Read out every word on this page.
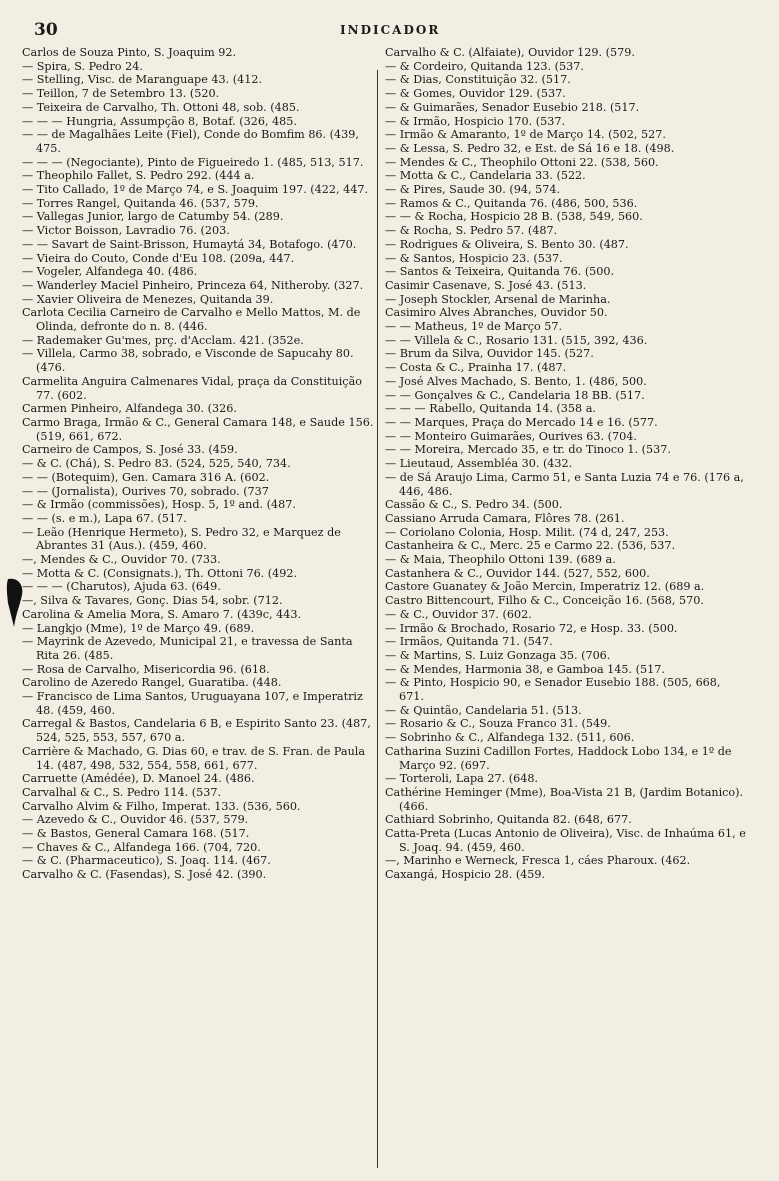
30	INDICADOR

Carlos de Souza Pinto, S. Joaquim 92.

— Spira, S. Pedro 24.

— Stelling, Visc. de Maranguape 43. (412.

— Teillon, 7 de Setembro 13. (520.

— Teixeira de Carvalho, Th. Ottoni 48, sob. (485.

— — — Hungria, Assumpção 8, Botaf. (326, 485.

— — de Magalhães Leite (Fiel), Conde do Bomfim 86. (439, 475.

— — — (Negociante), Pinto de Figueiredo 1. (485, 513, 517.

— Theophilo Fallet, S. Pedro 292. (444 a.

— Tito Callado, 1º de Março 74, e S. Joaquim 197. (422, 447.

— Torres Rangel, Quitanda 46. (537, 579.

— Vallegas Junior, largo de Catumby 54. (289.

— Victor Boisson, Lavradio 76. (203.

— — Savart de Saint-Brisson, Humaytá 34, Botafogo. (470.

— Vieira do Couto, Conde d'Eu 108. (209a, 447.

— Vogeler, Alfandega 40. (486.

— Wanderley Maciel Pinheiro, Princeza 64, Nitheroby. (327.

— Xavier Oliveira de Menezes, Quitanda 39.

Carlota Cecilia Carneiro de Carvalho e Mello Mattos, M. de Olinda, defronte do n. 8. (446.

— Rademaker Gu'mes, prç. d'Acclam. 421. (352e.

— Villela, Carmo 38, sobrado, e Visconde de Sapucahy 80. (476.

Carmelita Anguira Calmenares Vidal, praça da Constituição 77. (602.

Carmen Pinheiro, Alfandega 30. (326.

Carmo Braga, Irmão & C., General Camara 148, e Saude 156. (519, 661, 672.

Carneiro de Campos, S. José 33. (459.

— & C. (Chá), S. Pedro 83. (524, 525, 540, 734.

— — (Botequim), Gen. Camara 316 A. (602.

— — (Jornalista), Ourives 70, sobrado. (737

— & Irmão (commissões), Hosp. 5, 1º and. (487.

— — (s. e m.), Lapa 67. (517.

— Leão (Henrique Hermeto), S. Pedro 32, e Marquez de Abrantes 31 (Aus.). (459, 460.

—, Mendes & C., Ouvidor 70. (733.

— Motta & C. (Consignats.), Th. Ottoni 76. (492.

— — — (Charutos), Ajuda 63. (649.

—, Silva & Tavares, Gonç. Dias 54, sobr. (712.

Carolina & Amelia Mora, S. Amaro 7. (439c, 443.

— Langkjo (Mme), 1º de Março 49. (689.

— Mayrink de Azevedo, Municipal 21, e travessa de Santa Rita 26. (485.

— Rosa de Carvalho, Misericordia 96. (618.

Carolino de Azeredo Rangel, Guaratiba. (448.

— Francisco de Lima Santos, Uruguayana 107, e Imperatriz 48. (459, 460.

Carregal & Bastos, Candelaria 6 B, e Espirito Santo 23. (487, 524, 525, 553, 557, 670 a.

Carrière & Machado, G. Dias 60, e trav. de S. Fran. de Paula 14. (487, 498, 532, 554, 558, 661, 677.

Carruette (Amédée), D. Manoel 24. (486.

Carvalhal & C., S. Pedro 114. (537.

Carvalho Alvim & Filho, Imperat. 133. (536, 560.

— Azevedo & C., Ouvidor 46. (537, 579.

— & Bastos, General Camara 168. (517.

— Chaves & C., Alfandega 166. (704, 720.

— & C. (Pharmaceutico), S. Joaq. 114. (467.

Carvalho & C. (Fasendas), S. José 42. (390.

Carvalho & C. (Alfaiate), Ouvidor 129. (579.

— & Cordeiro, Quitanda 123. (537.

— & Dias, Constituição 32. (517.

— & Gomes, Ouvidor 129. (537.

— & Guimarães, Senador Eusebio 218. (517.

— & Irmão, Hospicio 170. (537.

— Irmão & Amaranto, 1º de Março 14. (502, 527.

— & Lessa, S. Pedro 32, e Est. de Sá 16 e 18. (498.

— Mendes & C., Theophilo Ottoni 22. (538, 560.

— Motta & C., Candelaria 33. (522.

— & Pires, Saude 30. (94, 574.

— Ramos & C., Quitanda 76. (486, 500, 536.

— — & Rocha, Hospicio 28 B. (538, 549, 560.

— & Rocha, S. Pedro 57. (487.

— Rodrigues & Oliveira, S. Bento 30. (487.

— & Santos, Hospicio 23. (537.

— Santos & Teixeira, Quitanda 76. (500.

Casimir Casenave, S. José 43. (513.

— Joseph Stockler, Arsenal de Marinha.

Casimiro Alves Abranches, Ouvidor 50.

— — Matheus, 1º de Março 57.

— — Villela & C., Rosario 131. (515, 392, 436.

— Brum da Silva, Ouvidor 145. (527.

— Costa & C., Prainha 17. (487.

— José Alves Machado, S. Bento, 1. (486, 500.

— — Gonçalves & C., Candelaria 18 BB. (517.

— — — Rabello, Quitanda 14. (358 a.

— — Marques, Praça do Mercado 14 e 16. (577.

— — Monteiro Guimarães, Ourives 63. (704.

— — Moreira, Mercado 35, e tr. do Tinoco 1. (537.

— Lieutaud, Assembléa 30. (432.

— de Sá Araujo Lima, Carmo 51, e Santa Luzia 74 e 76. (176 a, 446, 486.

Cassão & C., S. Pedro 34. (500.

Cassiano Arruda Camara, Flôres 78. (261.

— Coriolano Colonia, Hosp. Milit. (74 d, 247, 253.

Castanheira & C., Merc. 25 e Carmo 22. (536, 537.

— & Maia, Theophilo Ottoni 139. (689 a.

Castanhera & C., Ouvidor 144. (527, 552, 600.

Castore Guanatey & João Mercin, Imperatriz 12. (689 a.

Castro Bittencourt, Filho & C., Conceição 16. (568, 570.

— & C., Ouvidor 37. (602.

— Irmão & Brochado, Rosario 72, e Hosp. 33. (500.

— Irmãos, Quitanda 71. (547.

— & Martins, S. Luiz Gonzaga 35. (706.

— & Mendes, Harmonia 38, e Gamboa 145. (517.

— & Pinto, Hospicio 90, e Senador Eusebio 188. (505, 668, 671.

— & Quintão, Candelaria 51. (513.

— Rosario & C., Souza Franco 31. (549.

— Sobrinho & C., Alfandega 132. (511, 606.

Catharina Suzini Cadillon Fortes, Haddock Lobo 134, e 1º de Março 92. (697.

— Torteroli, Lapa 27. (648.

Cathérine Heminger (Mme), Boa-Vista 21 B, (Jardim Botanico). (466.

Cathiard Sobrinho, Quitanda 82. (648, 677.

Catta-Preta (Lucas Antonio de Oliveira), Visc. de Inhaúma 61, e S. Joaq. 94. (459, 460.

—, Marinho e Werneck, Fresca 1, cáes Pharoux. (462.

Caxangá, Hospicio 28. (459.
